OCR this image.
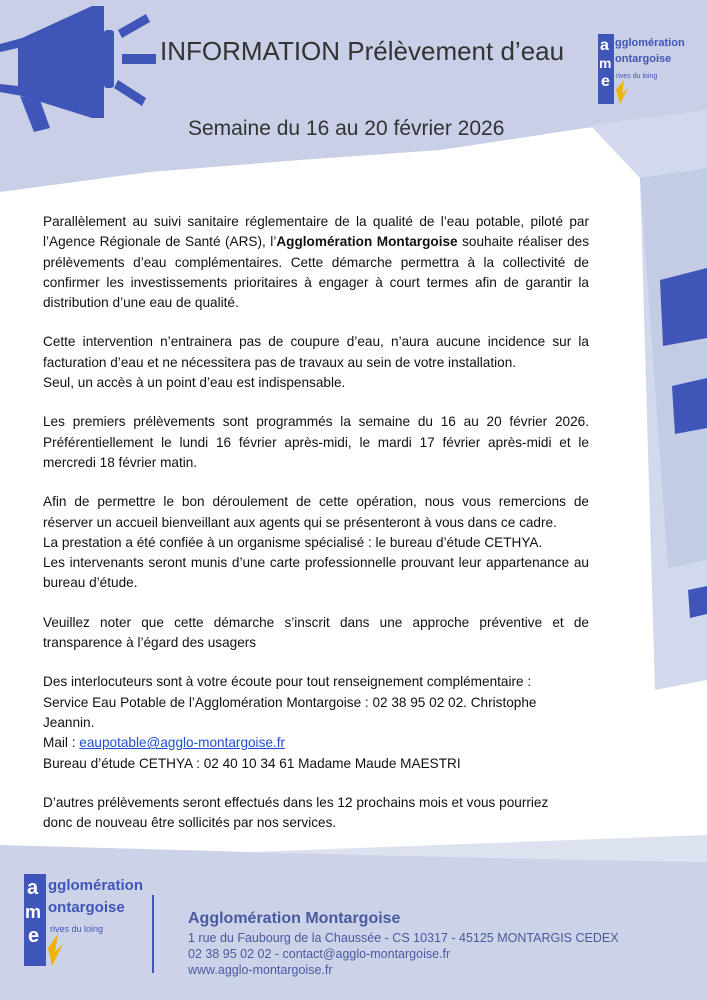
a
m
e
gglomération
ontargoise
rives du loing
INFORMATION Prélèvement d’eau
Semaine du 16 au 20 février 2026

Parallèlement au suivi sanitaire réglementaire de la qualité de l’eau potable, piloté par l’Agence Régionale de Santé (ARS), l’Agglomération Montargoise souhaite réaliser des prélèvements d’eau complémentaires. Cette démarche permettra à la collectivité de confirmer les investissements prioritaires à engager à court termes afin de garantir la distribution d’une eau de qualité.

Cette intervention n’entrainera pas de coupure d’eau, n’aura aucune incidence sur la facturation d’eau et ne nécessitera pas de travaux au sein de votre installation.
Seul, un accès à un point d’eau est indispensable.

Les premiers prélèvements sont programmés la semaine du 16 au 20 février 2026. Préférentiellement le lundi 16 février après-midi, le mardi 17 février après-midi et le mercredi 18 février matin.

Afin de permettre le bon déroulement de cette opération, nous vous remercions de réserver un accueil bienveillant aux agents qui se présenteront à vous dans ce cadre.
La prestation a été confiée à un organisme spécialisé : le bureau d’étude CETHYA.
Les intervenants seront munis d’une carte professionnelle prouvant leur appartenance au bureau d’étude.

Veuillez noter que cette démarche s’inscrit dans une approche préventive et de transparence à l’égard des usagers

Des interlocuteurs sont à votre écoute pour tout renseignement complémentaire :
Service Eau Potable de l’Agglomération Montargoise : 02 38 95 02 02. Christophe Jeannin.
Mail : eaupotable@agglo-montargoise.fr
Bureau d’étude CETHYA : 02 40 10 34 61 Madame Maude MAESTRI

D’autres prélèvements seront effectués dans les 12 prochains mois et vous pourriez
donc de nouveau être sollicités par nos services.

a
m
e
gglomération
ontargoise
rives du loing
Agglomération Montargoise
1 rue du Faubourg de la Chaussée - CS 10317 - 45125 MONTARGIS CEDEX
02 38 95 02 02 - contact@agglo-montargoise.fr
www.agglo-montargoise.fr
